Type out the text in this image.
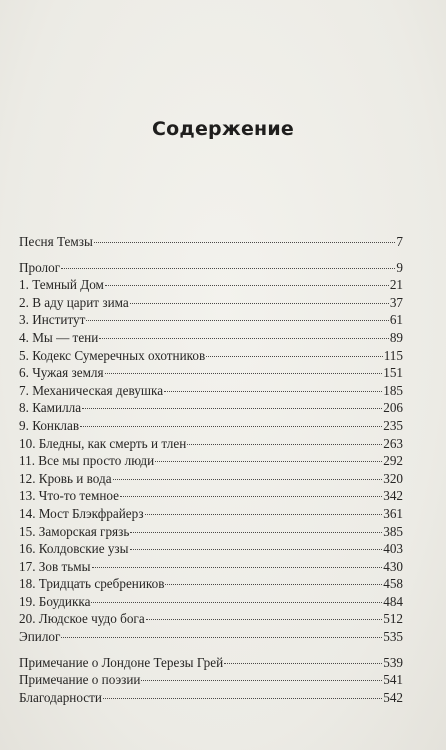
Содержение
Песня Темзы	7
Пролог	9
1. Темный Дом	21
2. В аду царит зима	37
3. Институт	61
4. Мы — тени	89
5. Кодекс Сумеречных охотников	115
6. Чужая земля	151
7. Механическая девушка	185
8. Камилла	206
9. Конклав	235
10. Бледны, как смерть и тлен	263
11. Все мы просто люди	292
12. Кровь и вода	320
13. Что-то темное	342
14. Мост Блэкфрайерз	361
15. Заморская грязь	385
16. Колдовские узы	403
17. Зов тьмы	430
18. Тридцать сребреников	458
19. Боудикка	484
20. Людское чудо бога	512
Эпилог	535
Примечание о Лондоне Терезы Грей	539
Примечание о поэзии	541
Благодарности	542
